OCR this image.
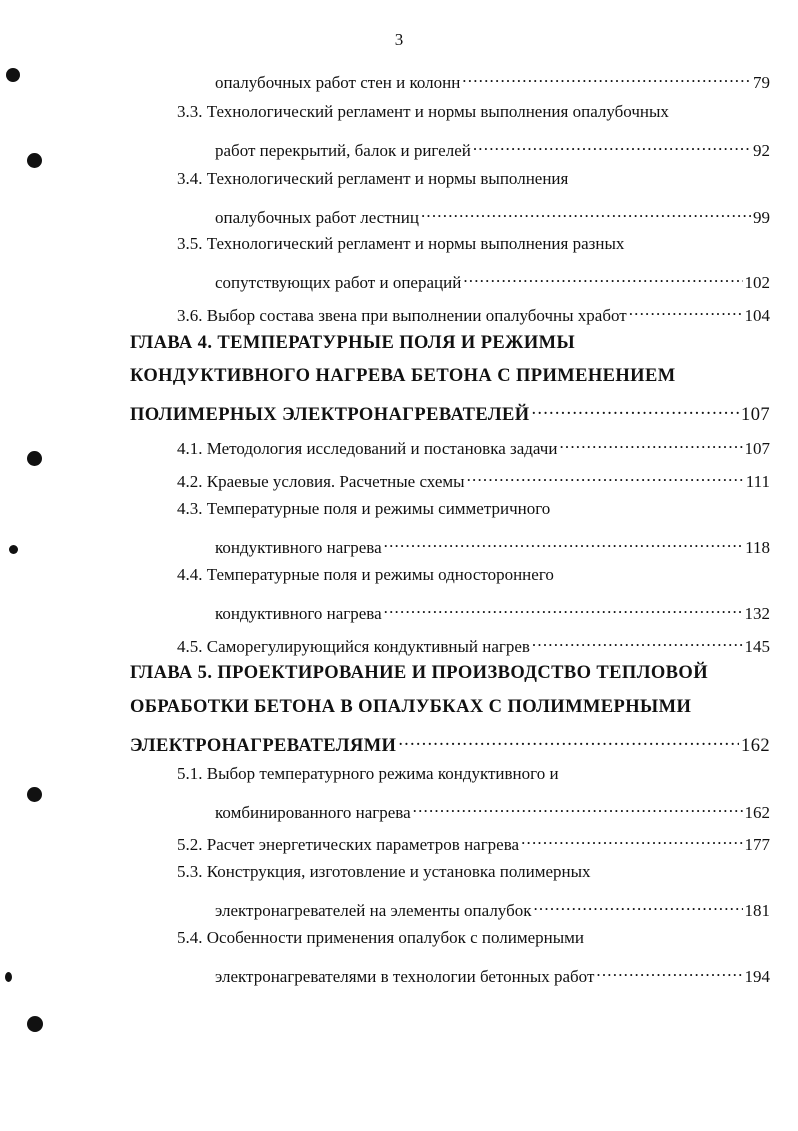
3
опалубочных работ стен и колонн .....	79
3.3. Технологический регламент и нормы выполнения опалубочных
работ перекрытий, балок и ригелей .....	92
3.4. Технологический регламент и нормы выполнения
опалубочных работ лестниц .....	99
3.5. Технологический регламент и нормы выполнения разных
сопутствующих работ и операций .....	102
3.6. Выбор состава звена при выполнении опалубочны хработ .....	104
ГЛАВА 4. ТЕМПЕРАТУРНЫЕ ПОЛЯ И РЕЖИМЫ
КОНДУКТИВНОГО НАГРЕВА БЕТОНА С ПРИМЕНЕНИЕМ
ПОЛИМЕРНЫХ ЭЛЕКТРОНАГРЕВАТЕЛЕЙ .....	107
4.1. Методология исследований и постановка задачи .....	107
4.2. Краевые условия. Расчетные схемы .....	111
4.3. Температурные поля и режимы симметричного
кондуктивного нагрева .....	118
4.4. Температурные поля и режимы одностороннего
кондуктивного нагрева .....	132
4.5. Саморегулирующийся кондуктивный нагрев .....	145
ГЛАВА 5. ПРОЕКТИРОВАНИЕ И ПРОИЗВОДСТВО ТЕПЛОВОЙ
ОБРАБОТКИ БЕТОНА В ОПАЛУБКАХ С ПОЛИММЕРНЫМИ
ЭЛЕКТРОНАГРЕВАТЕЛЯМИ .....	162
5.1. Выбор температурного режима кондуктивного и
комбинированного нагрева .....	162
5.2. Расчет энергетических параметров нагрева .....	177
5.3. Конструкция, изготовление и установка полимерных
электронагревателей на элементы опалубок .....	181
5.4. Особенности применения опалубок с полимерными
электронагревателями в технологии бетонных работ .....	194
